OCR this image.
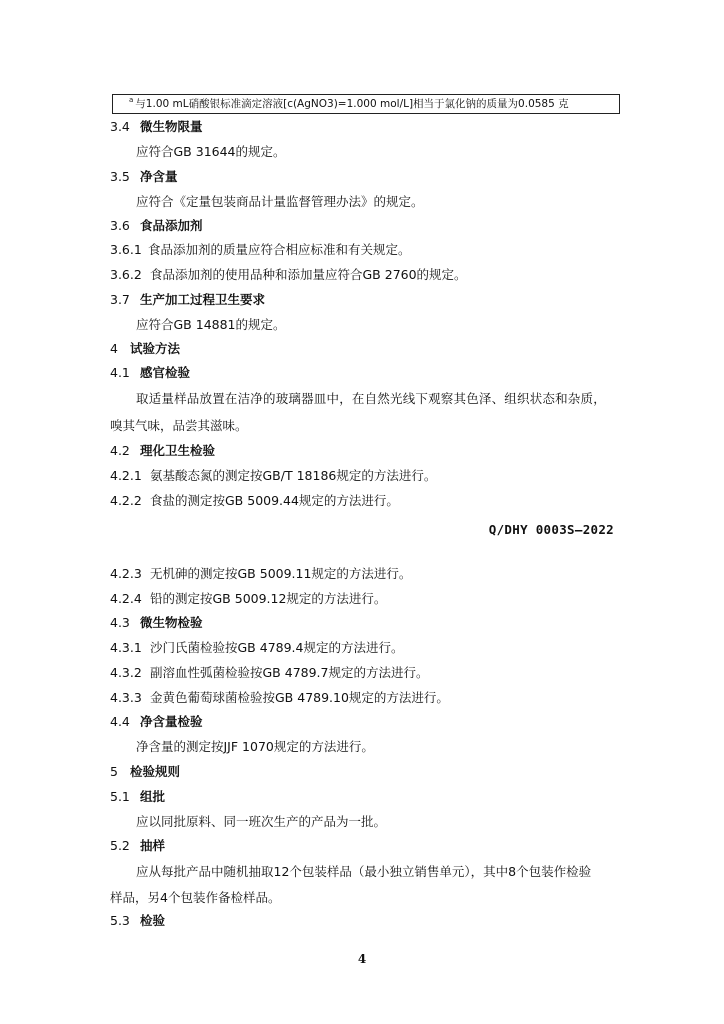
$^a$ 与1.00 mL硝酸银标准滴定溶液[c(AgNO3)=1.000 mol/L]相当于氯化钠的质量为0.0585 克
3.4 微生物限量
应符合GB 31644的规定。
3.5 净含量
应符合《定量包装商品计量监督管理办法》的规定。
3.6 食品添加剂
3.6.1 食品添加剂的质量应符合相应标准和有关规定。
3.6.2 食品添加剂的使用品种和添加量应符合GB 2760的规定。
3.7 生产加工过程卫生要求
应符合GB 14881的规定。
4 试验方法
4.1 感官检验
取适量样品放置在洁净的玻璃器皿中，在自然光线下观察其色泽、组织状态和杂质，
嗅其气味，品尝其滋味。
4.2 理化卫生检验
4.2.1 氨基酸态氮的测定按GB/T 18186规定的方法进行。
4.2.2 食盐的测定按GB 5009.44规定的方法进行。
Q/DHY 0003S—2022
4.2.3 无机砷的测定按GB 5009.11规定的方法进行。
4.2.4 铅的测定按GB 5009.12规定的方法进行。
4.3 微生物检验
4.3.1 沙门氏菌检验按GB 4789.4规定的方法进行。
4.3.2 副溶血性弧菌检验按GB 4789.7规定的方法进行。
4.3.3 金黄色葡萄球菌检验按GB 4789.10规定的方法进行。
4.4 净含量检验
净含量的测定按JJF 1070规定的方法进行。
5 检验规则
5.1 组批
应以同批原料、同一班次生产的产品为一批。
5.2 抽样
应从每批产品中随机抽取12个包装样品（最小独立销售单元），其中8个包装作检验
样品，另4个包装作备检样品。
5.3 检验
4
